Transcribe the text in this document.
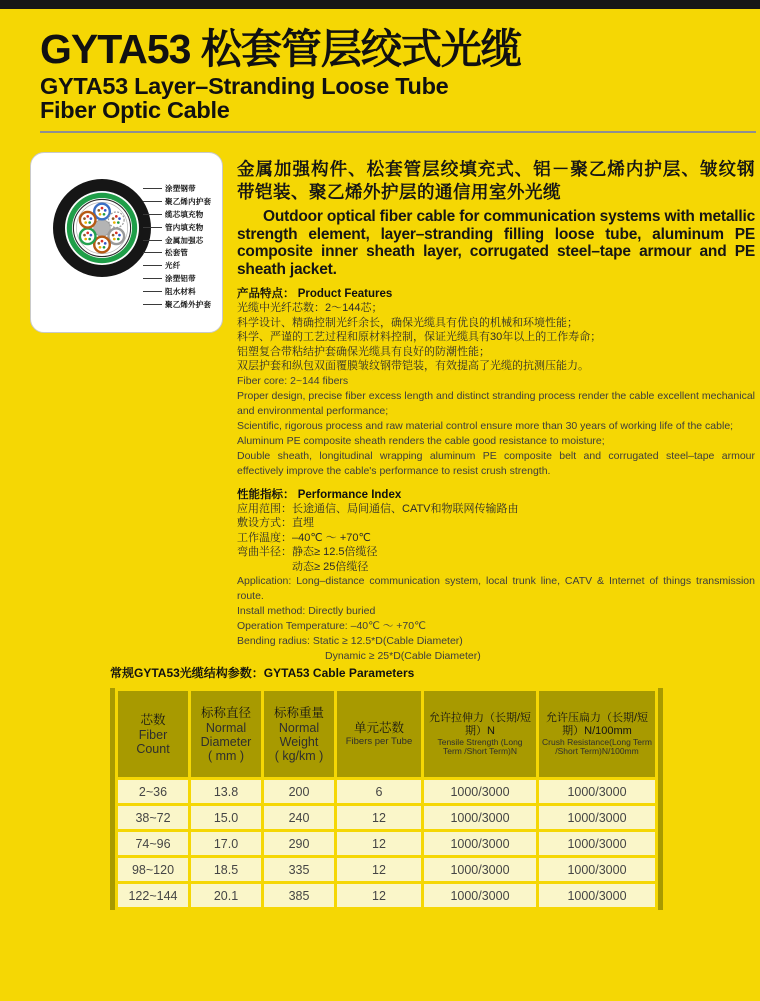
GYTA53 松套管层绞式光缆
GYTA53 Layer–Stranding Loose Tube
Fiber Optic Cable
涂塑钢带
聚乙烯内护套
缆芯填充物
管内填充物
金属加强芯
松套管
光纤
涂塑铝带
阻水材料
聚乙烯外护套

金属加强构件、松套管层绞填充式、铝－聚乙烯内护层、皱纹钢带铠装、聚乙烯外护层的通信用室外光缆

Outdoor optical fiber cable for communication systems with metallic strength element, layer–stranding filling loose tube, aluminum PE composite inner sheath layer, corrugated steel–tape armour and PE sheath jacket.

产品特点： Product Features

光缆中光纤芯数：2～144芯；

科学设计、精确控制光纤余长，确保光缆具有优良的机械和环境性能；

科学、严谨的工艺过程和原材料控制，保证光缆具有30年以上的工作寿命；

铝塑复合带粘结护套确保光缆具有良好的防潮性能；

双层护套和纵包双面覆膜皱纹钢带铠装，有效提高了光缆的抗测压能力。

Fiber core: 2~144 fibers

Proper design, precise fiber excess length and distinct stranding process render the cable excellent mechanical and environmental performance;

Scientific, rigorous process and raw material control ensure more than 30 years of working life of the cable;

Aluminum PE composite sheath renders the cable good resistance to moisture;

Double sheath, longitudinal wrapping aluminum PE composite belt and corrugated steel–tape armour effectively improve the cable's performance to resist crush strength.

性能指标： Performance Index

应用范围：长途通信、局间通信、CATV和物联网传输路由

敷设方式：直埋

工作温度：–40℃ ～ +70℃

弯曲半径：静态≥ 12.5倍缆径

动态≥ 25倍缆径

Application: Long–distance communication system, local trunk line, CATV & Internet of things transmission route.

Install method: Directly buried

Operation Temperature: –40℃ ～ +70℃

Bending radius: Static ≥ 12.5*D(Cable Diameter)

Dynamic ≥ 25*D(Cable Diameter)

常规GYTA53光缆结构参数：GYTA53 Cable Parameters
芯数
Fiber Count

标称直径
Normal Diameter
( mm )

标称重量
Normal Weight
( kg/km )

单元芯数
Fibers per Tube

允许拉伸力（长期/短期）N
Tensile Strength (Long Term /Short Term)N

允许压扁力（长期/短期）N/100mm
Crush Resistance(Long Term /Short Term)N/100mm

2~36	13.8	200	6	1000/3000	1000/3000
38~72	15.0	240	12	1000/3000	1000/3000
74~96	17.0	290	12	1000/3000	1000/3000
98~120	18.5	335	12	1000/3000	1000/3000
122~144	20.1	385	12	1000/3000	1000/3000
